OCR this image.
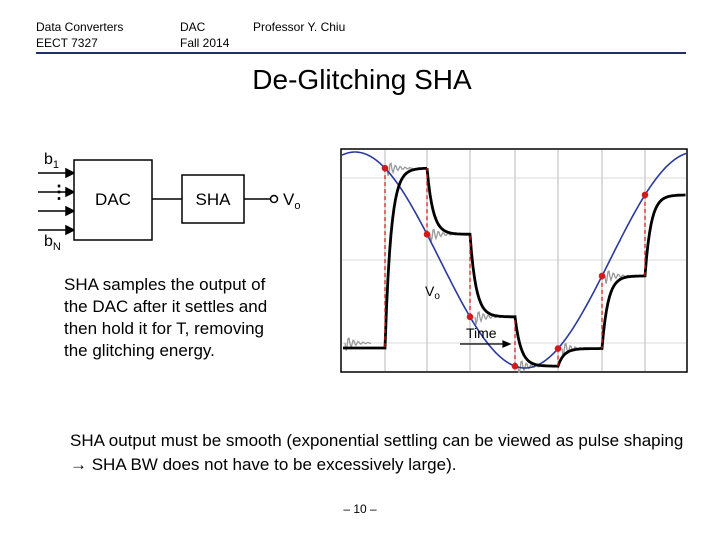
Data Converters
EECT 7327
DAC
Fall 2014
Professor Y. Chiu
De-Glitching SHA
$b_1$
⋮
$b_N$
DAC	SHA	$V_o$
$V_o$
Time
SHA samples the output of the DAC after it settles and then hold it for T, removing the glitching energy.
SHA output must be smooth (exponential settling can be viewed as pulse shaping → SHA BW does not have to be excessively large).
– 10 –
